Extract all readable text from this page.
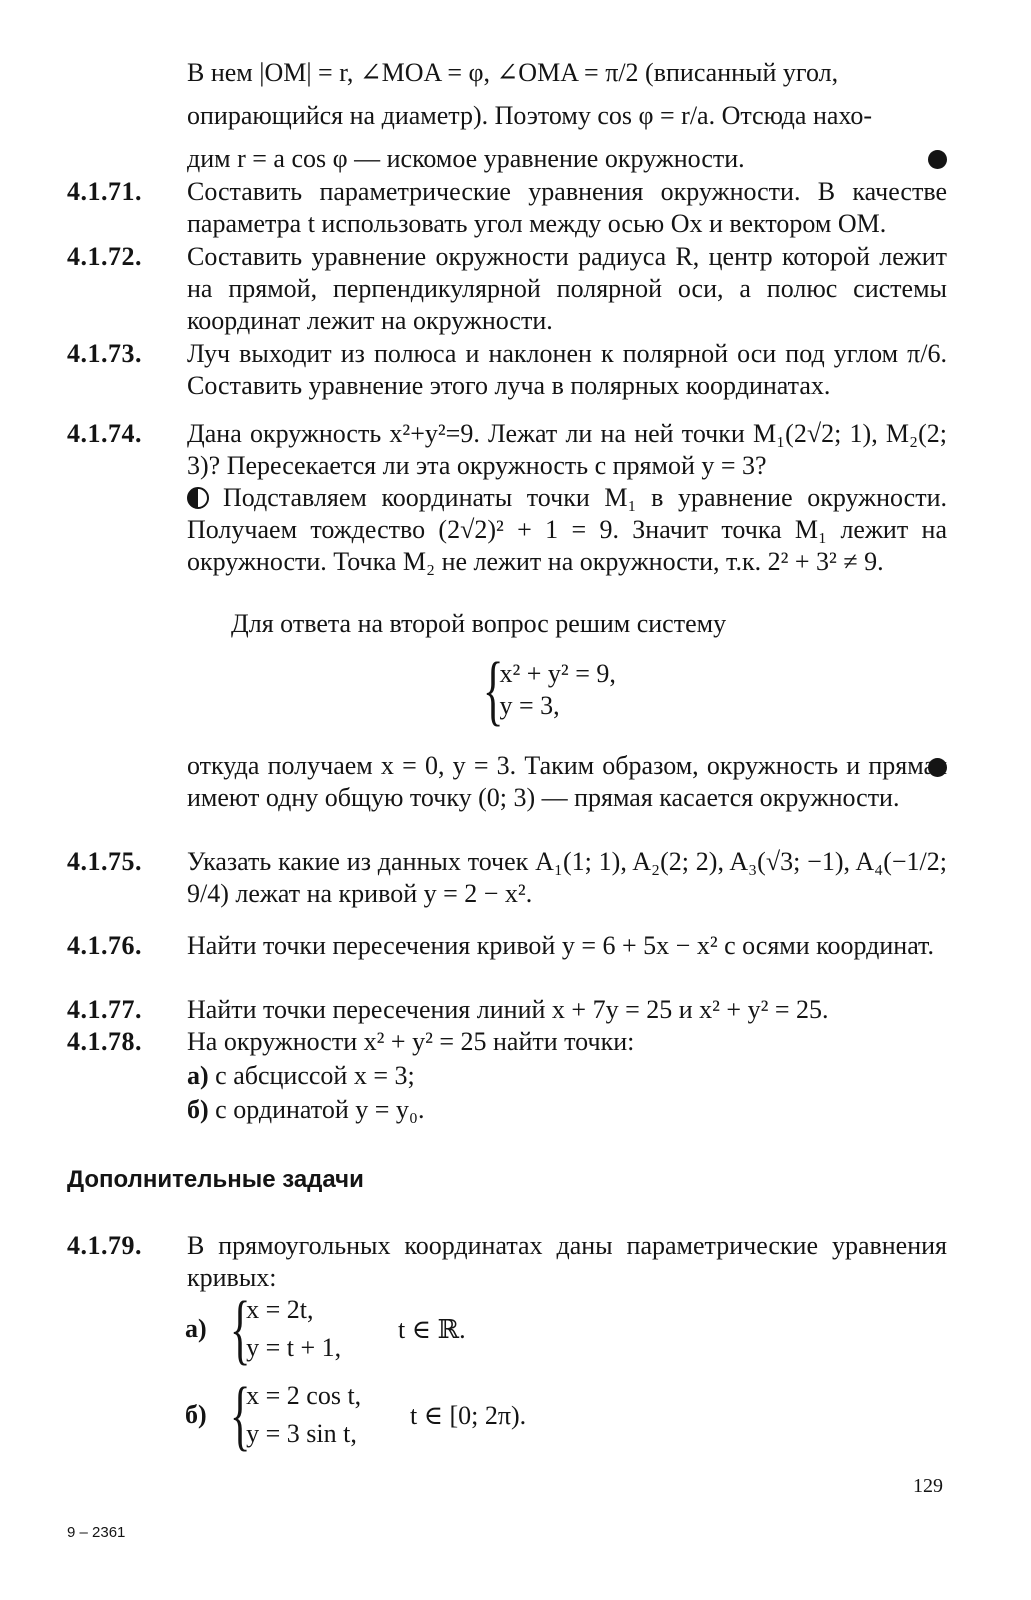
В нем |OM| = r, ∠MOA = φ, ∠OMA = π/2 (вписанный угол,
опирающийся на диаметр). Поэтому cos φ = r/a. Отсюда нахо-
дим r = a cos φ — искомое уравнение окружности.
4.1.71. Составить параметрические уравнения окружности. В качестве параметра t использовать угол между осью Ox и вектором OM.
4.1.72. Составить уравнение окружности радиуса R, центр которой лежит на прямой, перпендикулярной полярной оси, а полюс системы координат лежит на окружности.
4.1.73. Луч выходит из полюса и наклонен к полярной оси под углом π/6. Составить уравнение этого луча в полярных координатах.
4.1.74. Дана окружность x²+y²=9. Лежат ли на ней точки M₁(2√2; 1), M₂(2; 3)? Пересекается ли эта окружность с прямой y = 3?
Подставляем координаты точки M₁ в уравнение окружности. Получаем тождество (2√2)² + 1 = 9. Значит точка M₁ лежит на окружности. Точка M₂ не лежит на окружности, т.к. 2² + 3² ≠ 9.
Для ответа на второй вопрос решим систему
{
x² + y² = 9,
y = 3,
откуда получаем x = 0, y = 3. Таким образом, окружность и прямая имеют одну общую точку (0; 3) — прямая касается окружности.
4.1.75. Указать какие из данных точек A₁(1; 1), A₂(2; 2), A₃(√3; −1), A₄(−1/2; 9/4) лежат на кривой y = 2 − x².
4.1.76. Найти точки пересечения кривой y = 6 + 5x − x² с осями координат.
4.1.77. Найти точки пересечения линий x + 7y = 25 и x² + y² = 25.
4.1.78. На окружности x² + y² = 25 найти точки:
а) с абсциссой x = 3;
б) с ординатой y = y₀.
Дополнительные задачи
4.1.79. В прямоугольных координатах даны параметрические уравнения кривых:
а) {
x = 2t,
y = t + 1,
t ∈ ℝ.
б) {
x = 2 cos t,
y = 3 sin t,
t ∈ [0; 2π).
129
9 – 2361
